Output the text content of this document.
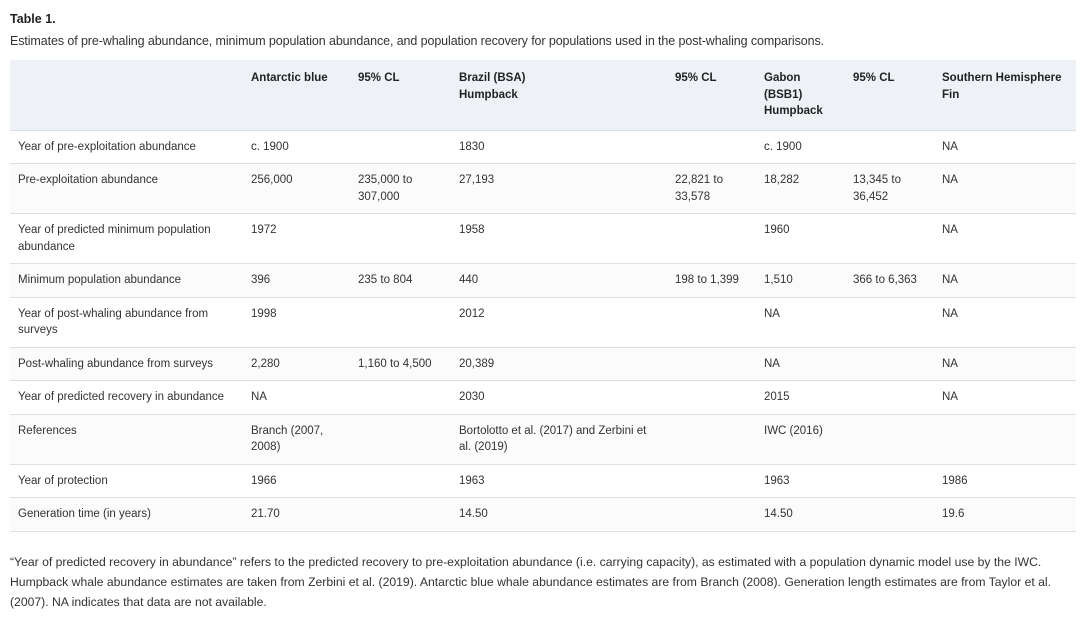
Table 1.
Estimates of pre-whaling abundance, minimum population abundance, and population recovery for populations used in the post-whaling comparisons.
	Antarctic blue	95% CL	Brazil (BSA) Humpback	95% CL	Gabon (BSB1) Humpback	95% CL	Southern Hemisphere Fin
Year of pre-exploitation abundance	c. 1900		1830		c. 1900		NA
Pre-exploitation abundance	256,000	235,000 to 307,000	27,193	22,821 to 33,578	18,282	13,345 to 36,452	NA
Year of predicted minimum population abundance	1972		1958		1960		NA
Minimum population abundance	396	235 to 804	440	198 to 1,399	1,510	366 to 6,363	NA
Year of post-whaling abundance from surveys	1998		2012		NA		NA
Post-whaling abundance from surveys	2,280	1,160 to 4,500	20,389		NA		NA
Year of predicted recovery in abundance	NA		2030		2015		NA
References	Branch (2007, 2008)		Bortolotto et al. (2017) and Zerbini et al. (2019)		IWC (2016)		
Year of protection	1966		1963		1963		1986
Generation time (in years)	21.70		14.50		14.50		19.6
“Year of predicted recovery in abundance” refers to the predicted recovery to pre-exploitation abundance (i.e. carrying capacity), as estimated with a population dynamic model use by the IWC. Humpback whale abundance estimates are taken from Zerbini et al. (2019). Antarctic blue whale abundance estimates are from Branch (2008). Generation length estimates are from Taylor et al. (2007). NA indicates that data are not available.
